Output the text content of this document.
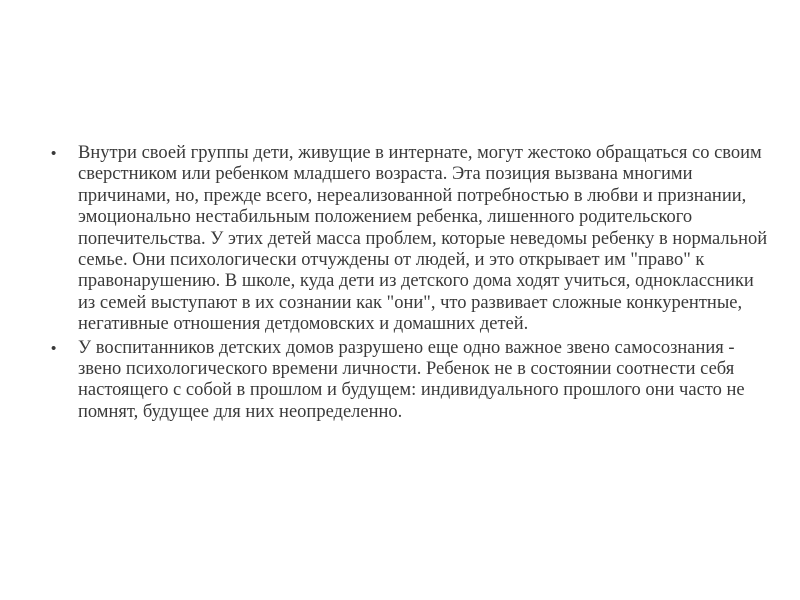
• Внутри своей группы дети, живущие в интернате, могут жестоко обращаться со своим сверстником или ребенком младшего возраста. Эта позиция вызвана многими причинами, но, прежде всего, нереализованной потребностью в любви и признании, эмоционально нестабильным положением ребенка, лишенного родительского попечительства. У этих детей масса проблем, которые неведомы ребенку в нормальной семье. Они психологически отчуждены от людей, и это открывает им "право" к правонарушению. В школе, куда дети из детского дома ходят учиться, одноклассники из семей выступают в их сознании как "они", что развивает сложные конкурентные, негативные отношения детдомовских и домашних детей.
• У воспитанников детских домов разрушено еще одно важное звено самосознания - звено психологического времени личности. Ребенок не в состоянии соотнести себя настоящего с собой в прошлом и будущем: индивидуального прошлого они часто не помнят, будущее для них неопределенно.
